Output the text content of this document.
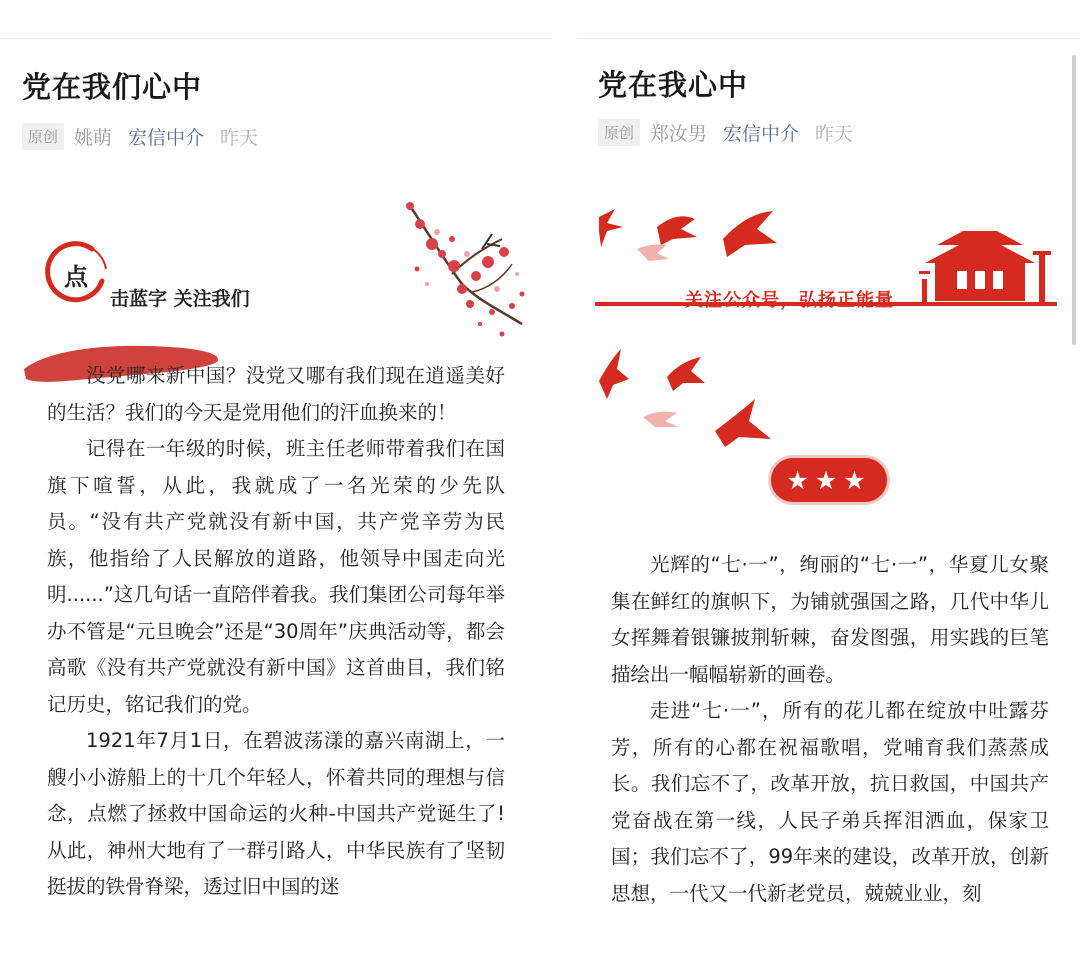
党在我们心中
原创 姚萌 宏信中介 昨天
点
击蓝字 关注我们

没党哪来新中国？没党又哪有我们现在逍遥美好的生活？我们的今天是党用他们的汗血换来的！

记得在一年级的时候，班主任老师带着我们在国旗下喧誓，从此，我就成了一名光荣的少先队员。“没有共产党就没有新中国，共产党辛劳为民族，他指给了人民解放的道路，他领导中国走向光明......”这几句话一直陪伴着我。我们集团公司每年举办不管是“元旦晚会”还是“30周年”庆典活动等，都会高歌《没有共产党就没有新中国》这首曲目，我们铭记历史，铭记我们的党。

1921年7月1日，在碧波荡漾的嘉兴南湖上，一艘小小游船上的十几个年轻人，怀着共同的理想与信念，点燃了拯救中国命运的火种-中国共产党诞生了!从此，神州大地有了一群引路人，中华民族有了坚韧挺拔的铁骨脊梁，透过旧中国的迷

党在我心中
原创 郑汝男 宏信中介 昨天
关注公众号，弘扬正能量
★★★

光辉的“七·一”，绚丽的“七·一”，华夏儿女聚集在鲜红的旗帜下，为铺就强国之路，几代中华儿女挥舞着银镰披荆斩棘，奋发图强，用实践的巨笔描绘出一幅幅崭新的画卷。

走进“七·一”，所有的花儿都在绽放中吐露芬芳，所有的心都在祝福歌唱，党哺育我们蒸蒸成长。我们忘不了，改革开放，抗日救国，中国共产党奋战在第一线，人民子弟兵挥泪洒血，保家卫国；我们忘不了，99年来的建设，改革开放，创新思想，一代又一代新老党员，兢兢业业，刻
